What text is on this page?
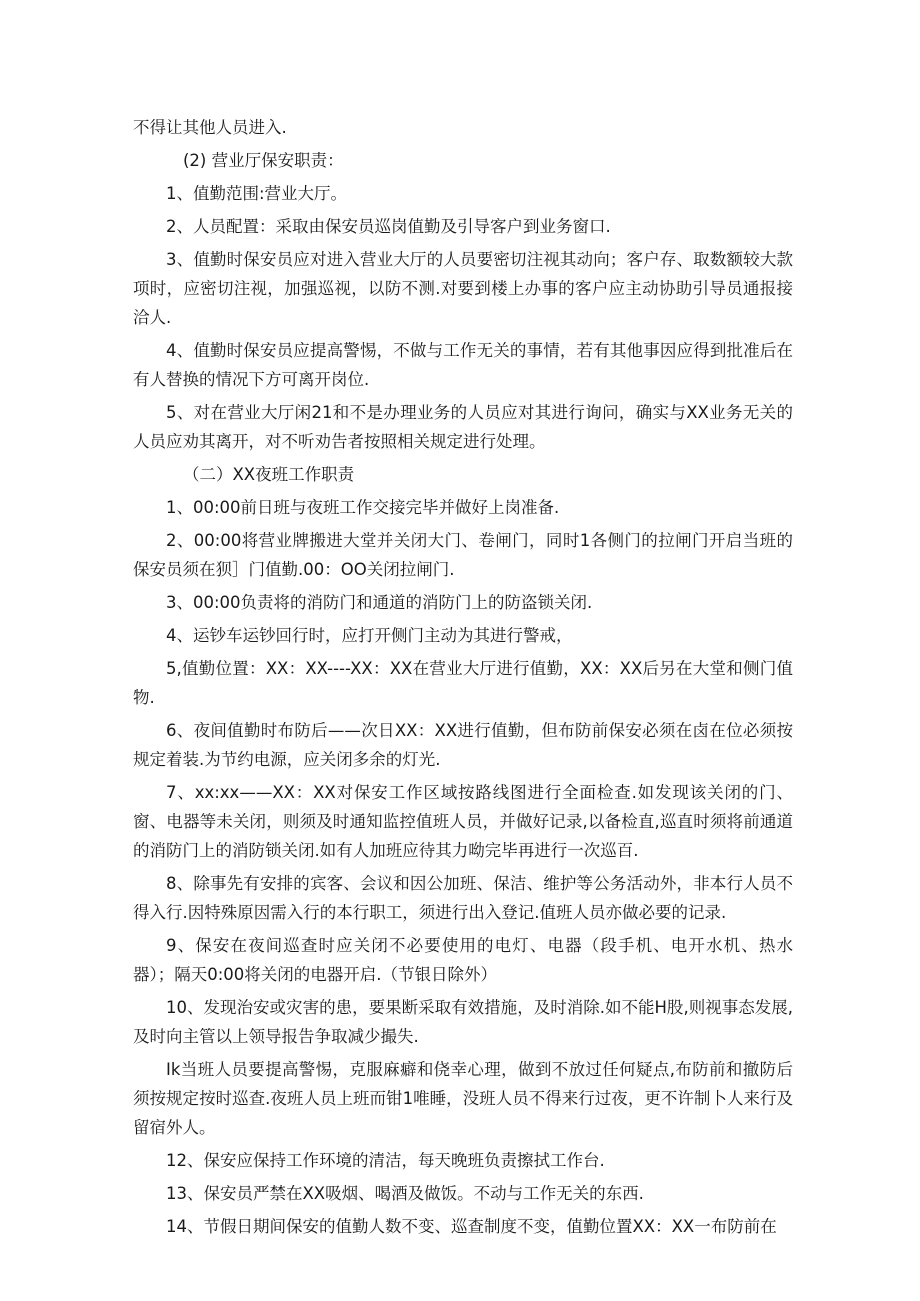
不得让其他人员进入.

(2) 营业厅保安职责：

1、值勤范围:营业大厅。

2、人员配置：采取由保安员巡岗值勤及引导客户到业务窗口.

3、值勤时保安员应对进入营业大厅的人员要密切注视其动向；客户存、取数额较大款项时，应密切注视，加强巡视，以防不测.对要到楼上办事的客户应主动协助引导员通报接洽人.

4、值勤时保安员应提高警惕，不做与工作无关的事情，若有其他事因应得到批准后在有人替换的情况下方可离开岗位.

5、对在营业大厅闲21和不是办理业务的人员应对其进行询问，确实与XX业务无关的人员应劝其离开，对不听劝告者按照相关规定进行处理。

（二）XX夜班工作职责

1、00:00前日班与夜班工作交接完毕并做好上岗准备.

2、00:00将营业牌搬进大堂并关闭大门、卷闸门，同时1各侧门的拉闸门开启当班的保安员须在狈］门值勤.00：OO关闭拉闸门.

3、00:00负责将的消防门和通道的消防门上的防盗锁关闭.

4、运钞车运钞回行时，应打开侧门主动为其进行警戒，

5,值勤位置：XX：XX----XX：XX在营业大厅进行值勤，XX：XX后另在大堂和侧门值物.

6、夜间值勤时布防后——次日XX：XX进行值勤，但布防前保安必须在卤在位必须按规定着装.为节约电源，应关闭多余的灯光.

7、xx:xx——XX：XX对保安工作区域按路线图进行全面检查.如发现该关闭的门、窗、电器等未关闭，则须及时通知监控值班人员，并做好记录,以备检直,巡直时须将前通道的消防门上的消防锁关闭.如有人加班应待其力呦完毕再进行一次巡百.

8、除事先有安排的宾客、会议和因公加班、保洁、维护等公务活动外，非本行人员不得入行.因特殊原因需入行的本行职工，须进行出入登记.值班人员亦做必要的记录.

9、保安在夜间巡查时应关闭不必要使用的电灯、电器（段手机、电开水机、热水器）；隔天0:00将关闭的电器开启.（节银日除外）

10、发现治安或灾害的患，要果断采取有效措施，及时消除.如不能H股,则视事态发展,及时向主管以上领导报告争取减少撮失.

Ik当班人员要提高警惕，克服麻癖和侥幸心理，做到不放过任何疑点,布防前和撤防后须按规定按时巡查.夜班人员上班而钳1唯睡，没班人员不得来行过夜，更不许制卜人来行及留宿外人。

12、保安应保持工作环境的清洁，每天晚班负责擦拭工作台.

13、保安员严禁在XX吸烟、喝酒及做饭。不动与工作无关的东西.

14、节假日期间保安的值勤人数不变、巡查制度不变，值勤位置XX：XX一布防前在
